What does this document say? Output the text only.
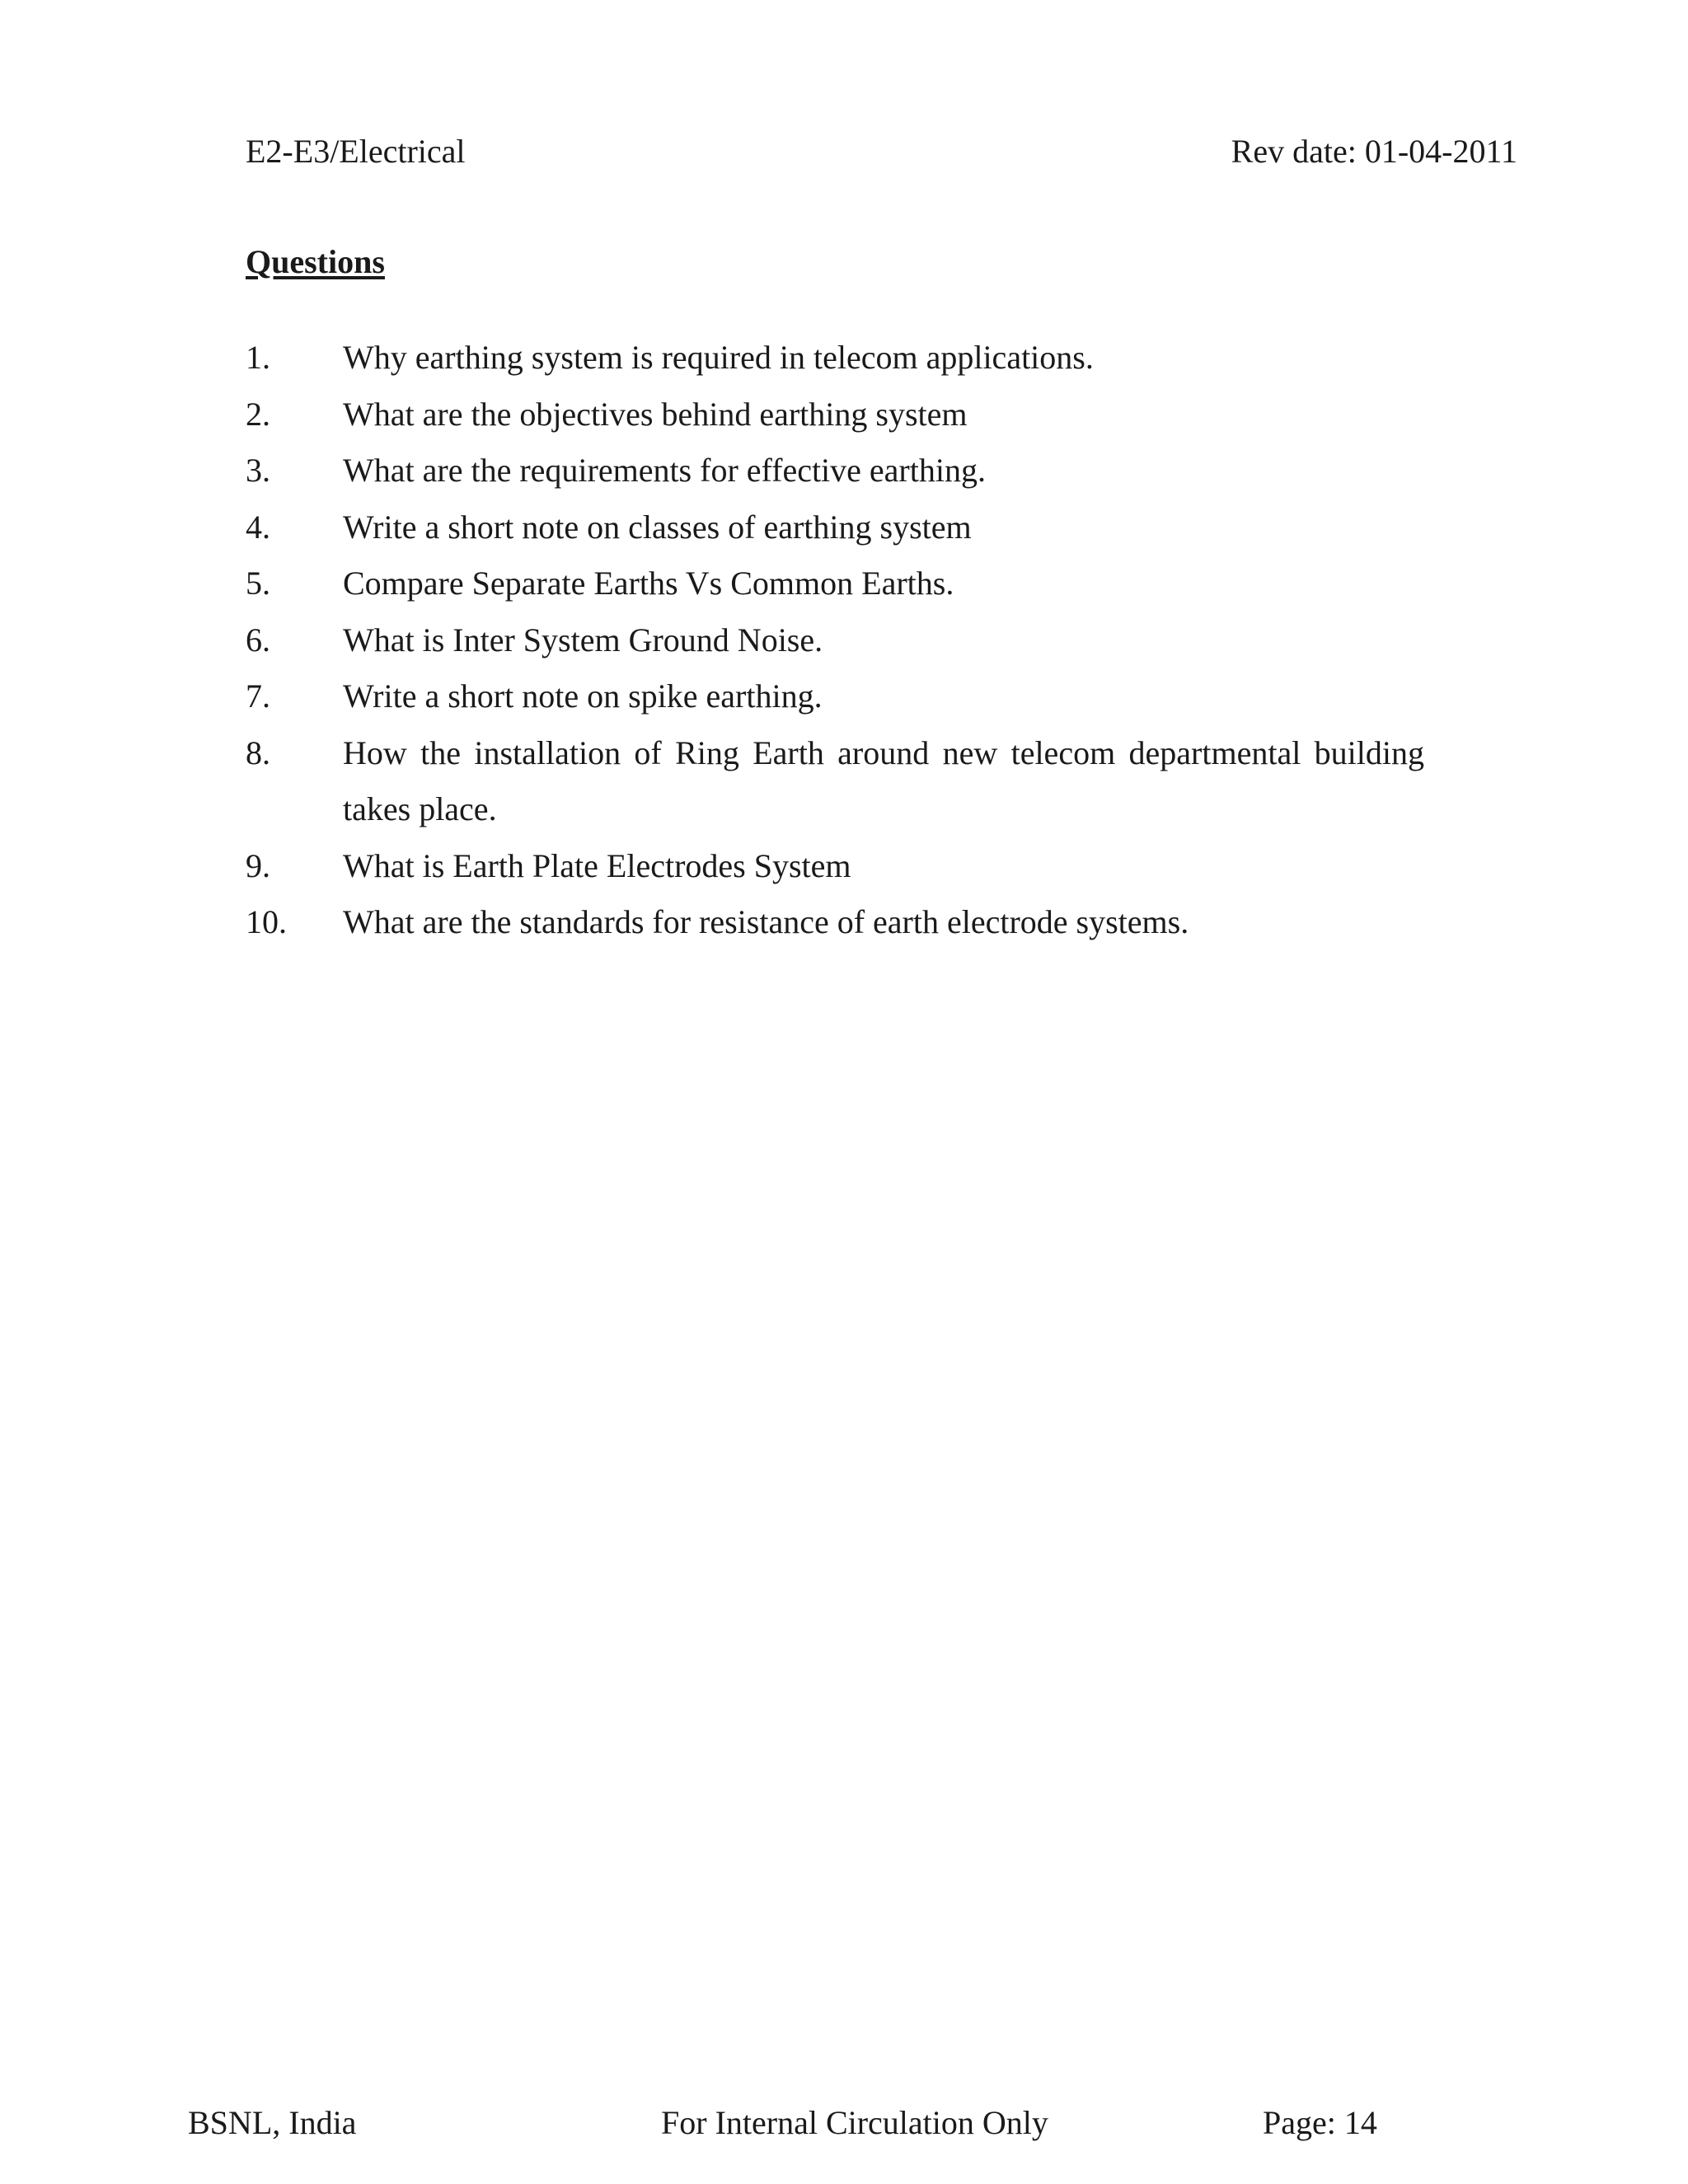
E2-E3/Electrical	Rev date: 01-04-2011
Questions
1.	Why earthing system is required in telecom applications.
2.	What are the objectives behind earthing system
3.	What are the requirements for effective earthing.
4.	Write a short note on classes of earthing system
5.	Compare Separate Earths Vs Common Earths.
6.	What is Inter System Ground Noise.
7.	Write a short note on spike earthing.
8.	How the installation of Ring Earth around new telecom departmental building takes place.
9.	What is Earth Plate Electrodes System
10.	What are the standards for resistance of earth electrode systems.
BSNL, India	For Internal Circulation Only	Page: 14
